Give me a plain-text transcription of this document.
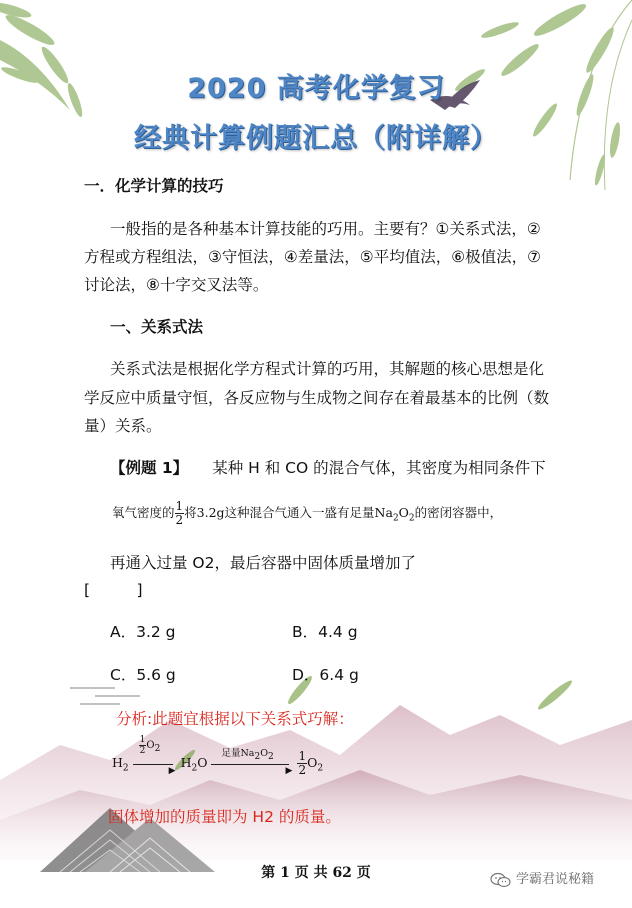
2020 高考化学复习
经典计算例题汇总（附详解）
一．化学计算的技巧
一般指的是各种基本计算技能的巧用。主要有？①关系式法，②
方程或方程组法，③守恒法，④差量法，⑤平均值法，⑥极值法，⑦
讨论法，⑧十字交叉法等。
一、关系式法
关系式法是根据化学方程式计算的巧用，其解题的核心思想是化
学反应中质量守恒，各反应物与生成物之间存在着最基本的比例（数
量）关系。
【例题 1】 某种 H 和 CO 的混合气体，其密度为相同条件下
氧气密度的 $\frac{1}{2}$ 将3.2g这种混合气通入一盛有足量$Na_2O_2$的密闭容器中，
再通入过量 O2，最后容器中固体质量增加了
[　　　]
A．3.2 g	B．4.4 g
C．5.6 g	D．6.4 g
分析:此题宜根据以下关系式巧解：
$H_2$
$\frac{1}{2} O_2$
▶
$H_2O$
足量$Na_2O_2$
▶
$\frac{1}{2} O_2$
固体增加的质量即为 H2 的质量。
第 1 页 共 62 页	学霸君说秘籍
